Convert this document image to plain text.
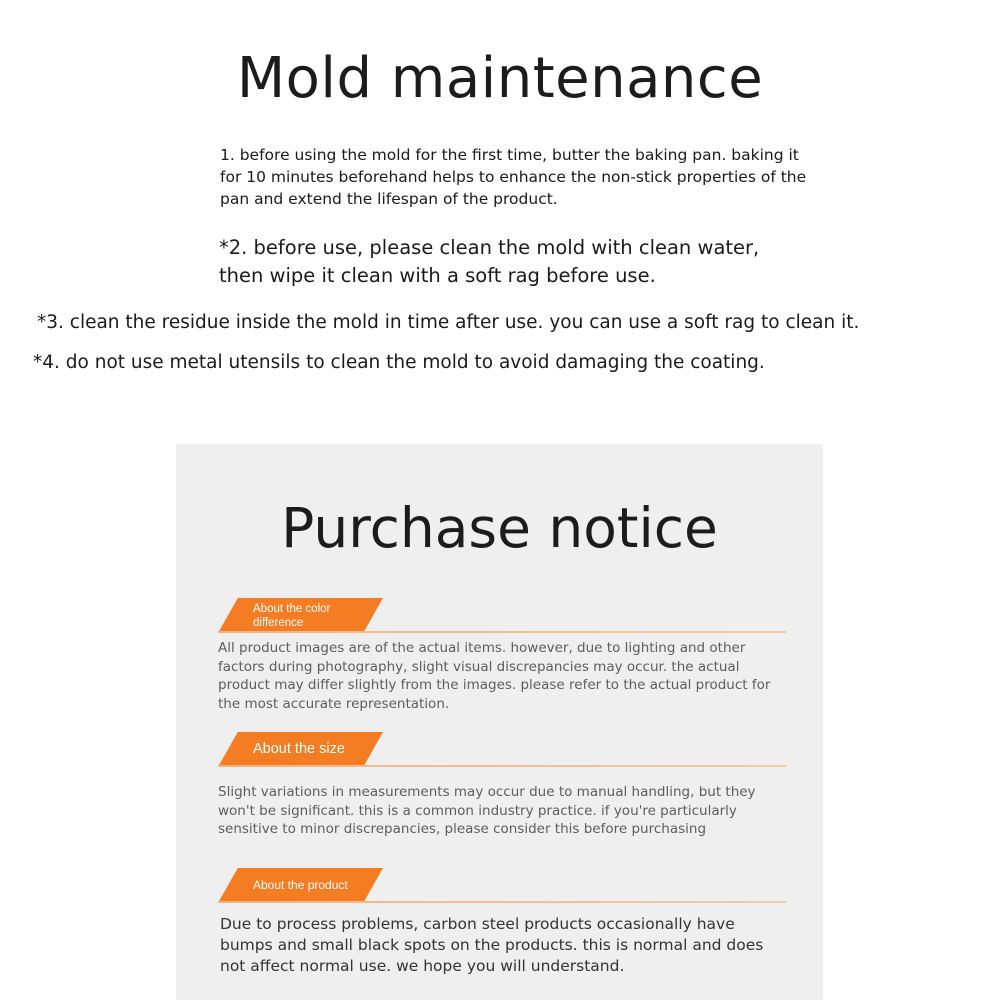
Mold maintenance

1. before using the mold for the first time, butter the baking pan. baking it for 10 minutes beforehand helps to enhance the non-stick properties of the pan and extend the lifespan of the product.

*2. before use, please clean the mold with clean water, then wipe it clean with a soft rag before use.

*3. clean the residue inside the mold in time after use. you can use a soft rag to clean it.

*4. do not use metal utensils to clean the mold to avoid damaging the coating.

Purchase notice

About the color difference

All product images are of the actual items. however, due to lighting and other factors during photography, slight visual discrepancies may occur. the actual product may differ slightly from the images. please refer to the actual product for the most accurate representation.

About the size

Slight variations in measurements may occur due to manual handling, but they won't be significant. this is a common industry practice. if you're particularly sensitive to minor discrepancies, please consider this before purchasing

About the product

Due to process problems, carbon steel products occasionally have bumps and small black spots on the products. this is normal and does not affect normal use. we hope you will understand.
